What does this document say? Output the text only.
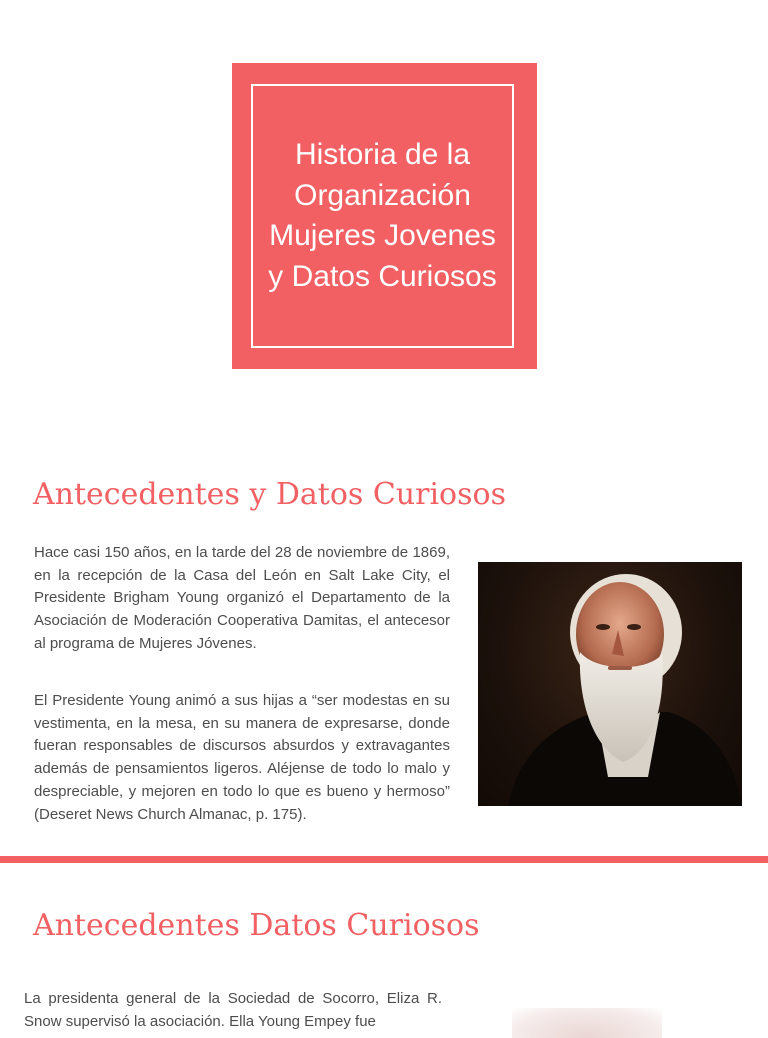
Historia de la Organización Mujeres Jovenes y Datos Curiosos
Antecedentes y Datos Curiosos

Hace casi 150 años, en la tarde del 28 de noviembre de 1869, en la recepción de la Casa del León en Salt Lake City, el Presidente Brigham Young organizó el Departamento de la Asociación de Moderación Cooperativa Damitas, el antecesor al programa de Mujeres Jóvenes.

El Presidente Young animó a sus hijas a “ser modestas en su vestimenta, en la mesa, en su manera de expresarse, donde fueran responsables de discursos absurdos y extravagantes además de pensamientos ligeros. Aléjense de todo lo malo y despreciable, y mejoren en todo lo que es bueno y hermoso” (Deseret News Church Almanac, p. 175).

Antecedentes Datos Curiosos

La presidenta general de la Sociedad de Socorro, Eliza R. Snow supervisó la asociación. Ella Young Empey fue
